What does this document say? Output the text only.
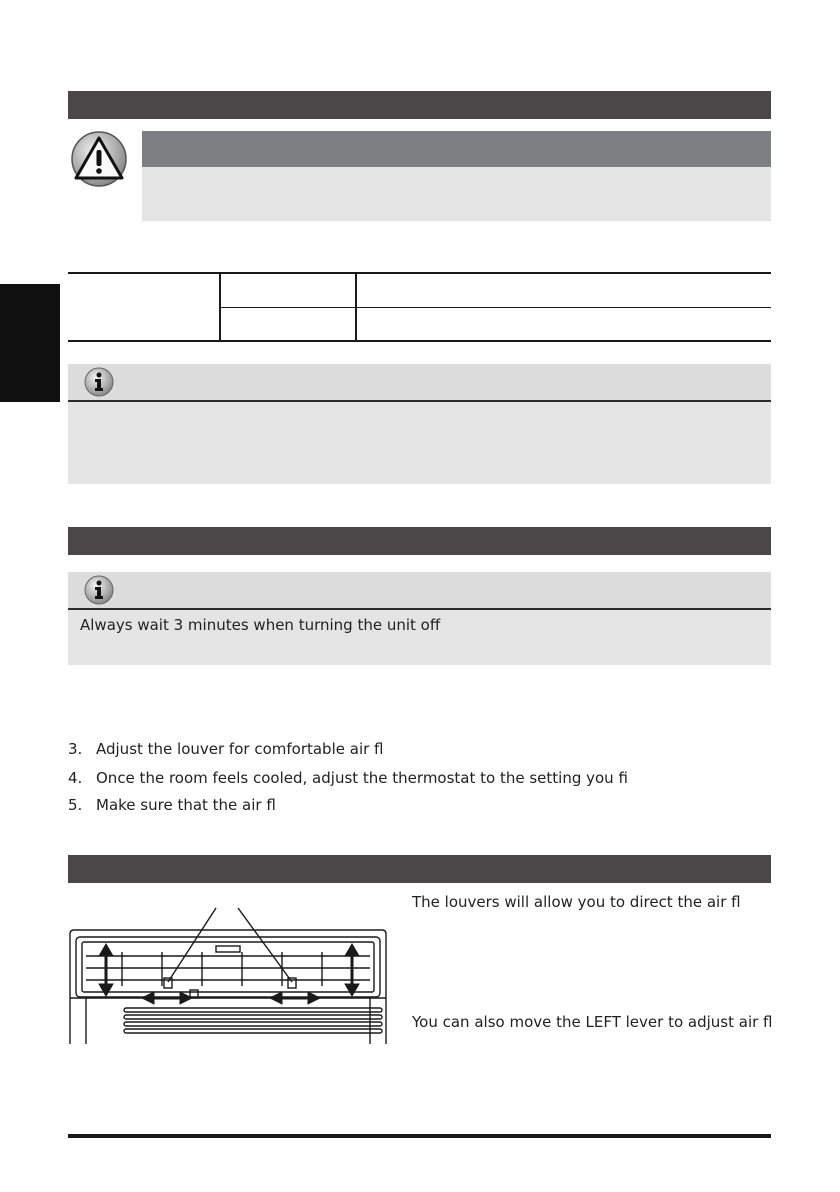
Always wait 3 minutes when turning the unit off
3. Adjust the louver for comfortable air fl
4. Once the room feels cooled, adjust the thermostat to the setting you fi
5. Make sure that the air fl
The louvers will allow you to direct the air fl
You can also move the LEFT lever to adjust air fl
